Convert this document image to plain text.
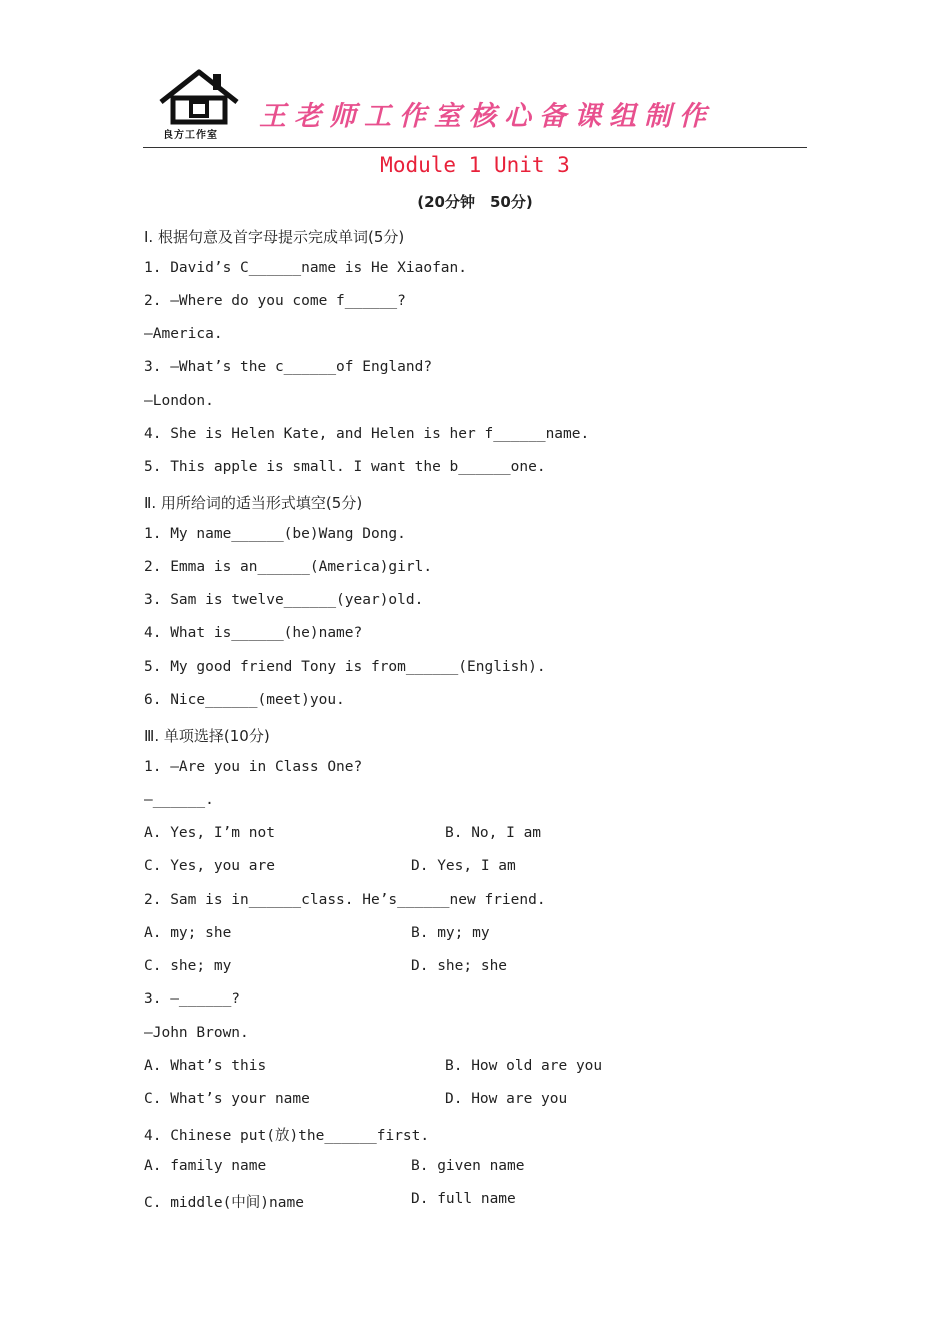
良方工作室
王老师工作室核心备课组制作
Module 1 Unit 3
(20分钟　50分)
Ⅰ. 根据句意及首字母提示完成单词(5分)
1. David’s C______name is He Xiaofan.
2. —Where do you come f______?
—America.
3. —What’s the c______of England?
—London.
4. She is Helen Kate, and Helen is her f______name.
5. This apple is small. I want the b______one.
Ⅱ. 用所给词的适当形式填空(5分)
1. My name______(be)Wang Dong.
2. Emma is an______(America)girl.
3. Sam is twelve______(year)old.
4. What is______(he)name?
5. My good friend Tony is from______(English).
6. Nice______(meet)you.
Ⅲ. 单项选择(10分)
1. —Are you in Class One?
—______.
A. Yes, I’m not	B. No, I am
C. Yes, you are	D. Yes, I am
2. Sam is in______class. He’s______new friend.
A. my; she	B. my; my
C. she; my	D. she; she
3. —______?
—John Brown.
A. What’s this	B. How old are you
C. What’s your name	D. How are you
4. Chinese put(放)the______first.
A. family name	B. given name
C. middle(中间)name	D. full name
